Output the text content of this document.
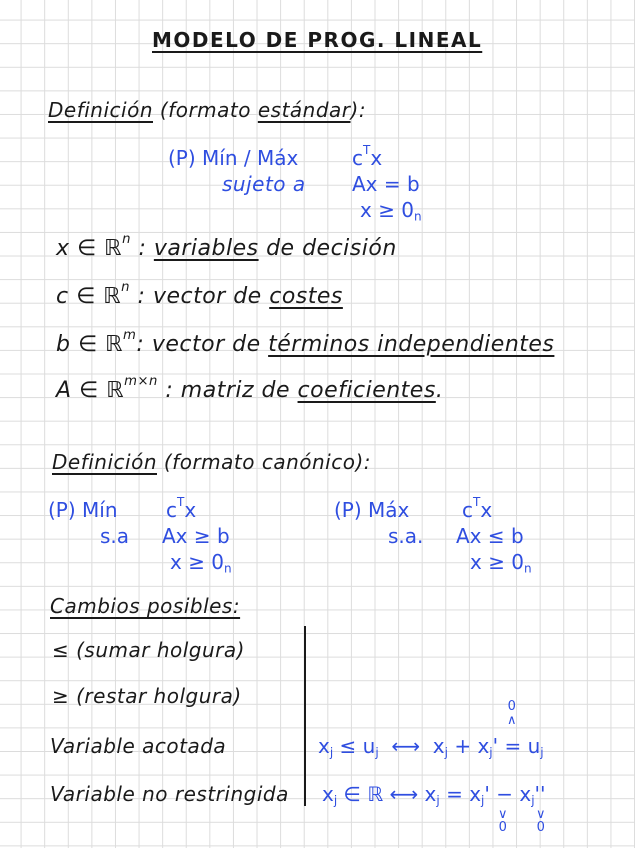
MODELO DE PROG. LINEAL
Definición (formato estándar):
(P) Mín / Máx	$c^Tx$
sujeto a Ax = b
$x \ge 0_n$
x ∈ ℝ$^n$ : variables de decisión
c ∈ ℝ$^n$ : vector de costes
b ∈ ℝ$^m$: vector de términos independientes
A ∈ ℝ$^{m\times n}$ : matriz de coeficientes.
Definición (formato canónico):
(P) Mín $c^Tx$
s.a Ax ≥ b
$x \ge 0_n$
(P) Máx	$c^Tx$
s.a. Ax ≤ b
$x \ge 0_n$
Cambios posibles:
≤ (sumar holgura)
≥ (restar holgura)
Variable acotada
Variable no restringida
0
∧
$x_j \le u_j$  ⟷  $x_j + x_j' = u_j$
$x_j$ ∈ ℝ ⟷ $x_j = x_j' - x_j''$
∨
0
∨
0
